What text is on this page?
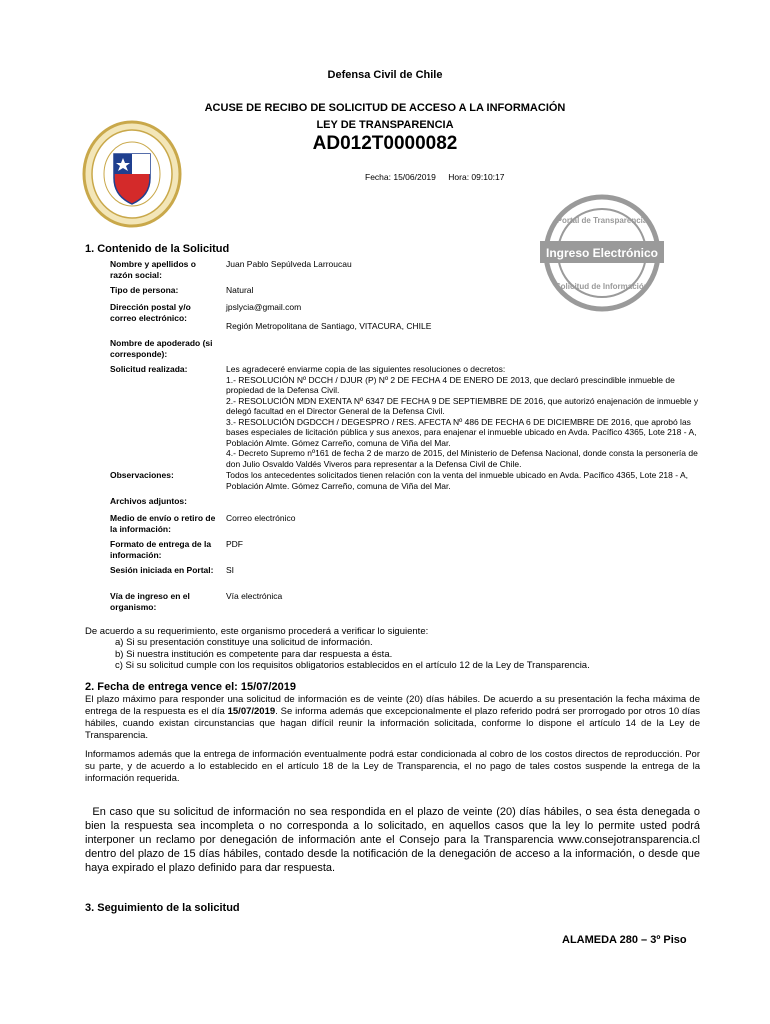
Defensa Civil de Chile
ACUSE DE RECIBO DE SOLICITUD DE ACCESO A LA INFORMACIÓN
LEY DE TRANSPARENCIA
AD012T0000082
Fecha: 15/06/2019 Hora: 09:10:17
Ingreso Electrónico
Portal de Transparencia
Solicitud de Información
1. Contenido de la Solicitud
Nombre y apellidos o razón social:
Juan Pablo Sepúlveda Larroucau
Tipo de persona:	Natural
Dirección postal y/o correo electrónico:
jpslycia@gmail.com
Región Metropolitana de Santiago, VITACURA, CHILE
Nombre de apoderado (si corresponde):
Solicitud realizada:	Les agradeceré enviarme copia de las siguientes resoluciones o decretos:
1.- RESOLUCIÓN Nº DCCH / DJUR (P) Nº 2 DE FECHA 4 DE ENERO DE 2013, que declaró prescindible inmueble de propiedad de la Defensa Civil.
2.- RESOLUCIÓN MDN EXENTA Nº 6347 DE FECHA 9 DE SEPTIEMBRE DE 2016, que autorizó enajenación de inmueble y delegó facultad en el Director General de la Defensa Civil.
3.- RESOLUCIÓN DGDCCH / DEGESPRO / RES. AFECTA Nº 486 DE FECHA 6 DE DICIEMBRE DE 2016, que aprobó las bases especiales de licitación pública y sus anexos, para enajenar el inmueble ubicado en Avda. Pacífico 4365, Lote 218 - A, Población Almte. Gómez Carreño, comuna de Viña del Mar.
4.- Decreto Supremo nº161 de fecha 2 de marzo de 2015, del Ministerio de Defensa Nacional, donde consta la personería de don Julio Osvaldo Valdés Viveros para representar a la Defensa Civil de Chile.
Observaciones:	Todos los antecedentes solicitados tienen relación con la venta del inmueble ubicado en Avda. Pacífico 4365, Lote 218 - A, Población Almte. Gómez Carreño, comuna de Viña del Mar.
Archivos adjuntos:
Medio de envío o retiro de la información:
Correo electrónico
Formato de entrega de la información:
PDF
Sesión iniciada en Portal:	SI
Vía de ingreso en el organismo:
Vía electrónica
De acuerdo a su requerimiento, este organismo procederá a verificar lo siguiente:
a) Si su presentación constituye una solicitud de información.
b) Si nuestra institución es competente para dar respuesta a ésta.
c) Si su solicitud cumple con los requisitos obligatorios establecidos en el artículo 12 de la Ley de Transparencia.
2. Fecha de entrega vence el: 15/07/2019
El plazo máximo para responder una solicitud de información es de veinte (20) días hábiles. De acuerdo a su presentación la fecha máxima de entrega de la respuesta es el día 15/07/2019. Se informa además que excepcionalmente el plazo referido podrá ser prorrogado por otros 10 días hábiles, cuando existan circunstancias que hagan difícil reunir la información solicitada, conforme lo dispone el artículo 14 de la Ley de Transparencia.
Informamos además que la entrega de información eventualmente podrá estar condicionada al cobro de los costos directos de reproducción. Por su parte, y de acuerdo a lo establecido en el artículo 18 de la Ley de Transparencia, el no pago de tales costos suspende la entrega de la información requerida.
En caso que su solicitud de información no sea respondida en el plazo de veinte (20) días hábiles, o sea ésta denegada o bien la respuesta sea incompleta o no corresponda a lo solicitado, en aquellos casos que la ley lo permite usted podrá interponer un reclamo por denegación de información ante el Consejo para la Transparencia www.consejotransparencia.cl dentro del plazo de 15 días hábiles, contado desde la notificación de la denegación de acceso a la información, o desde que haya expirado el plazo definido para dar respuesta.
3. Seguimiento de la solicitud
ALAMEDA 280 – 3º Piso
